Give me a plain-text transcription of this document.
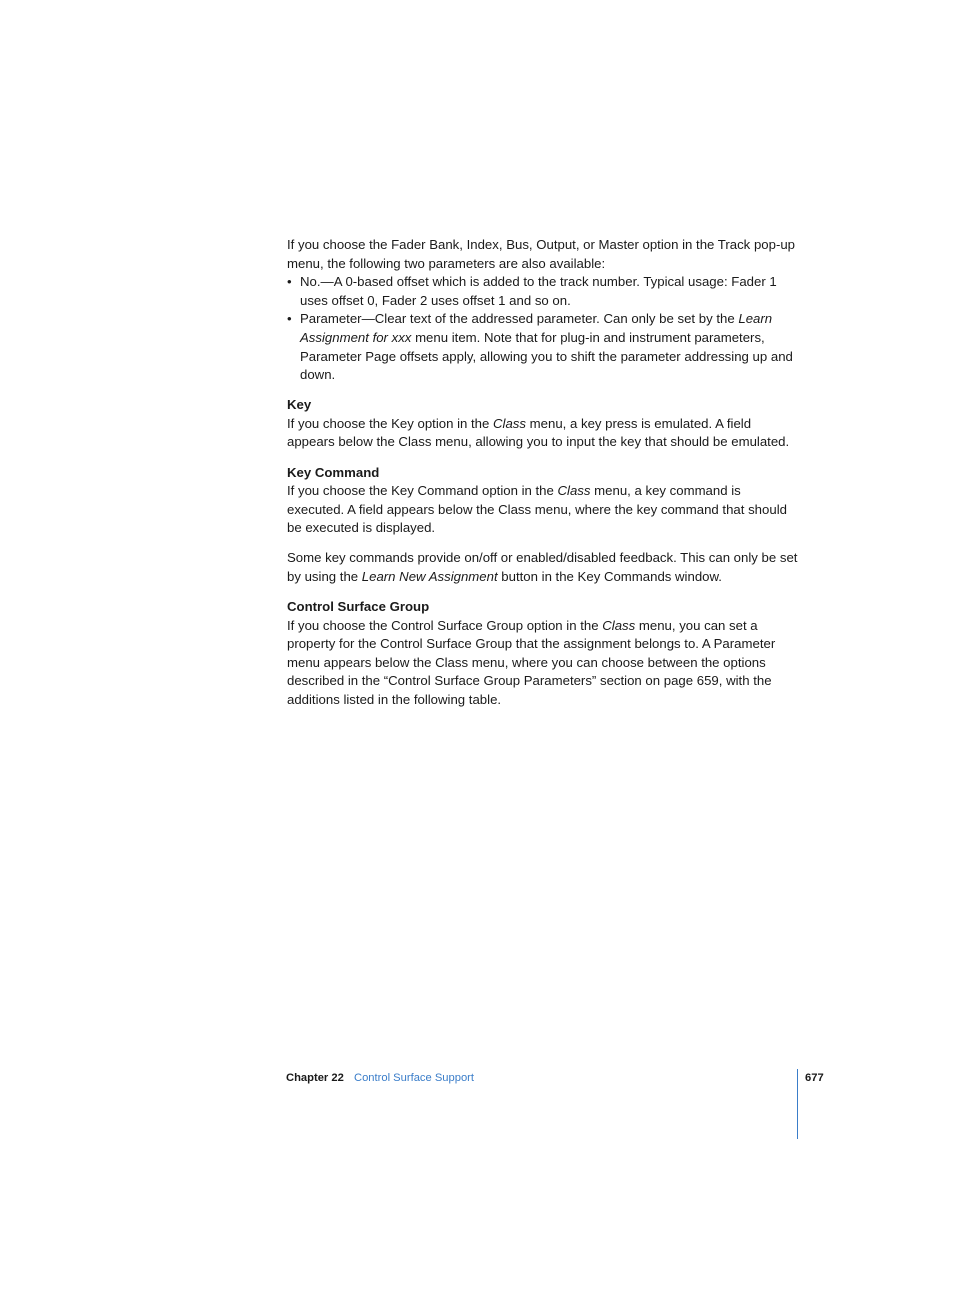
If you choose the Fader Bank, Index, Bus, Output, or Master option in the Track pop-up menu, the following two parameters are also available:

• No.—A 0-based offset which is added to the track number. Typical usage: Fader 1 uses offset 0, Fader 2 uses offset 1 and so on.
• Parameter—Clear text of the addressed parameter. Can only be set by the Learn Assignment for xxx menu item. Note that for plug-in and instrument parameters, Parameter Page offsets apply, allowing you to shift the parameter addressing up and down.

Key

If you choose the Key option in the Class menu, a key press is emulated. A field appears below the Class menu, allowing you to input the key that should be emulated.

Key Command

If you choose the Key Command option in the Class menu, a key command is executed. A field appears below the Class menu, where the key command that should be executed is displayed.

Some key commands provide on/off or enabled/disabled feedback. This can only be set by using the Learn New Assignment button in the Key Commands window.

Control Surface Group

If you choose the Control Surface Group option in the Class menu, you can set a property for the Control Surface Group that the assignment belongs to. A Parameter menu appears below the Class menu, where you can choose between the options described in the “Control Surface Group Parameters” section on page 659, with the additions listed in the following table.

Chapter 22 Control Surface Support	677
